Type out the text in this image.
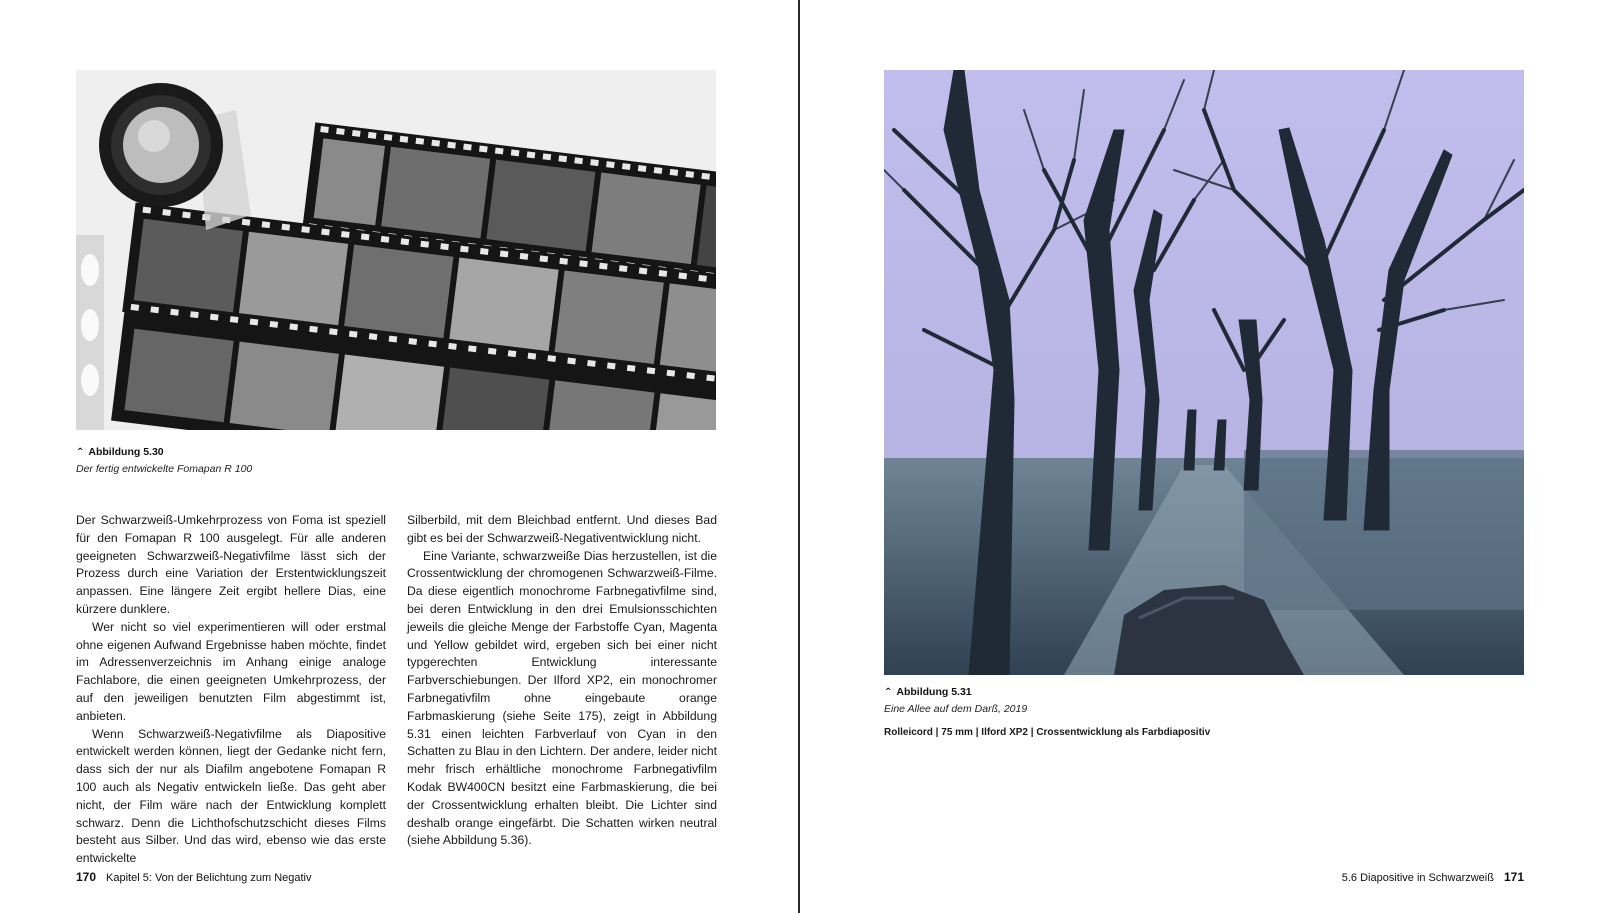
⌃ Abbildung 5.30
Der fertig entwickelte Fomapan R 100

Der Schwarzweiß-Umkehrprozess von Foma ist speziell für den Fomapan R 100 ausgelegt. Für alle anderen geeigneten Schwarzweiß-Negativfilme lässt sich der Prozess durch eine Variation der Erstentwicklungszeit anpassen. Eine längere Zeit ergibt hellere Dias, eine kürzere dunklere.

Wer nicht so viel experimentieren will oder erstmal ohne eigenen Aufwand Ergebnisse haben möchte, findet im Adressenverzeichnis im Anhang einige analoge Fachlabore, die einen geeigneten Umkehrprozess, der auf den jeweiligen benutzten Film abgestimmt ist, anbieten.

Wenn Schwarzweiß-Negativfilme als Diapositive entwickelt werden können, liegt der Gedanke nicht fern, dass sich der nur als Diafilm angebotene Fomapan R 100 auch als Negativ entwickeln ließe. Das geht aber nicht, der Film wäre nach der Entwicklung komplett schwarz. Denn die Lichthofschutzschicht dieses Films besteht aus Silber. Und das wird, ebenso wie das erste entwickelte

Silberbild, mit dem Bleichbad entfernt. Und dieses Bad gibt es bei der Schwarzweiß-Negativentwicklung nicht.

Eine Variante, schwarzweiße Dias herzustellen, ist die Crossentwicklung der chromogenen Schwarzweiß-Filme. Da diese eigentlich monochrome Farbnegativfilme sind, bei deren Entwicklung in den drei Emulsionsschichten jeweils die gleiche Menge der Farbstoffe Cyan, Magenta und Yellow gebildet wird, ergeben sich bei einer nicht typgerechten Entwicklung interessante Farbverschiebungen. Der Ilford XP2, ein monochromer Farbnegativfilm ohne eingebaute orange Farbmaskierung (siehe Seite 175), zeigt in Abbildung 5.31 einen leichten Farbverlauf von Cyan in den Schatten zu Blau in den Lichtern. Der andere, leider nicht mehr frisch erhältliche monochrome Farbnegativfilm Kodak BW400CN besitzt eine Farbmaskierung, die bei der Crossentwicklung erhalten bleibt. Die Lichter sind deshalb orange eingefärbt. Die Schatten wirken neutral (siehe Abbildung 5.36).

170 Kapitel 5: Von der Belichtung zum Negativ
⌃ Abbildung 5.31
Eine Allee auf dem Darß, 2019
Rolleicord | 75 mm | Ilford XP2 | Crossentwicklung als Farbdiapositiv
5.6 Diapositive in Schwarzweiß 171
